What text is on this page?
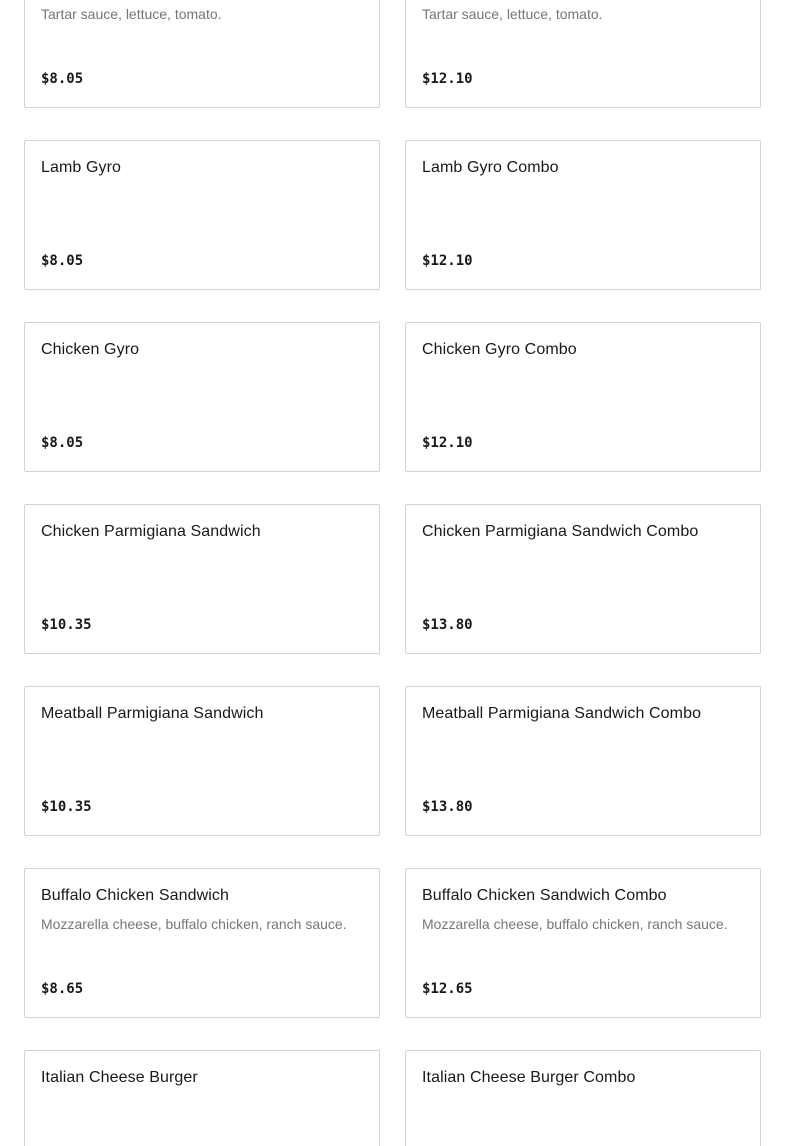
Tartar sauce, lettuce, tomato.
$8.05
Tartar sauce, lettuce, tomato.
$12.10
Lamb Gyro
$8.05
Lamb Gyro Combo
$12.10
Chicken Gyro
$8.05
Chicken Gyro Combo
$12.10
Chicken Parmigiana Sandwich
$10.35
Chicken Parmigiana Sandwich Combo
$13.80
Meatball Parmigiana Sandwich
$10.35
Meatball Parmigiana Sandwich Combo
$13.80
Buffalo Chicken Sandwich
Mozzarella cheese, buffalo chicken, ranch sauce.
$8.65
Buffalo Chicken Sandwich Combo
Mozzarella cheese, buffalo chicken, ranch sauce.
$12.65
Italian Cheese Burger	Italian Cheese Burger Combo
